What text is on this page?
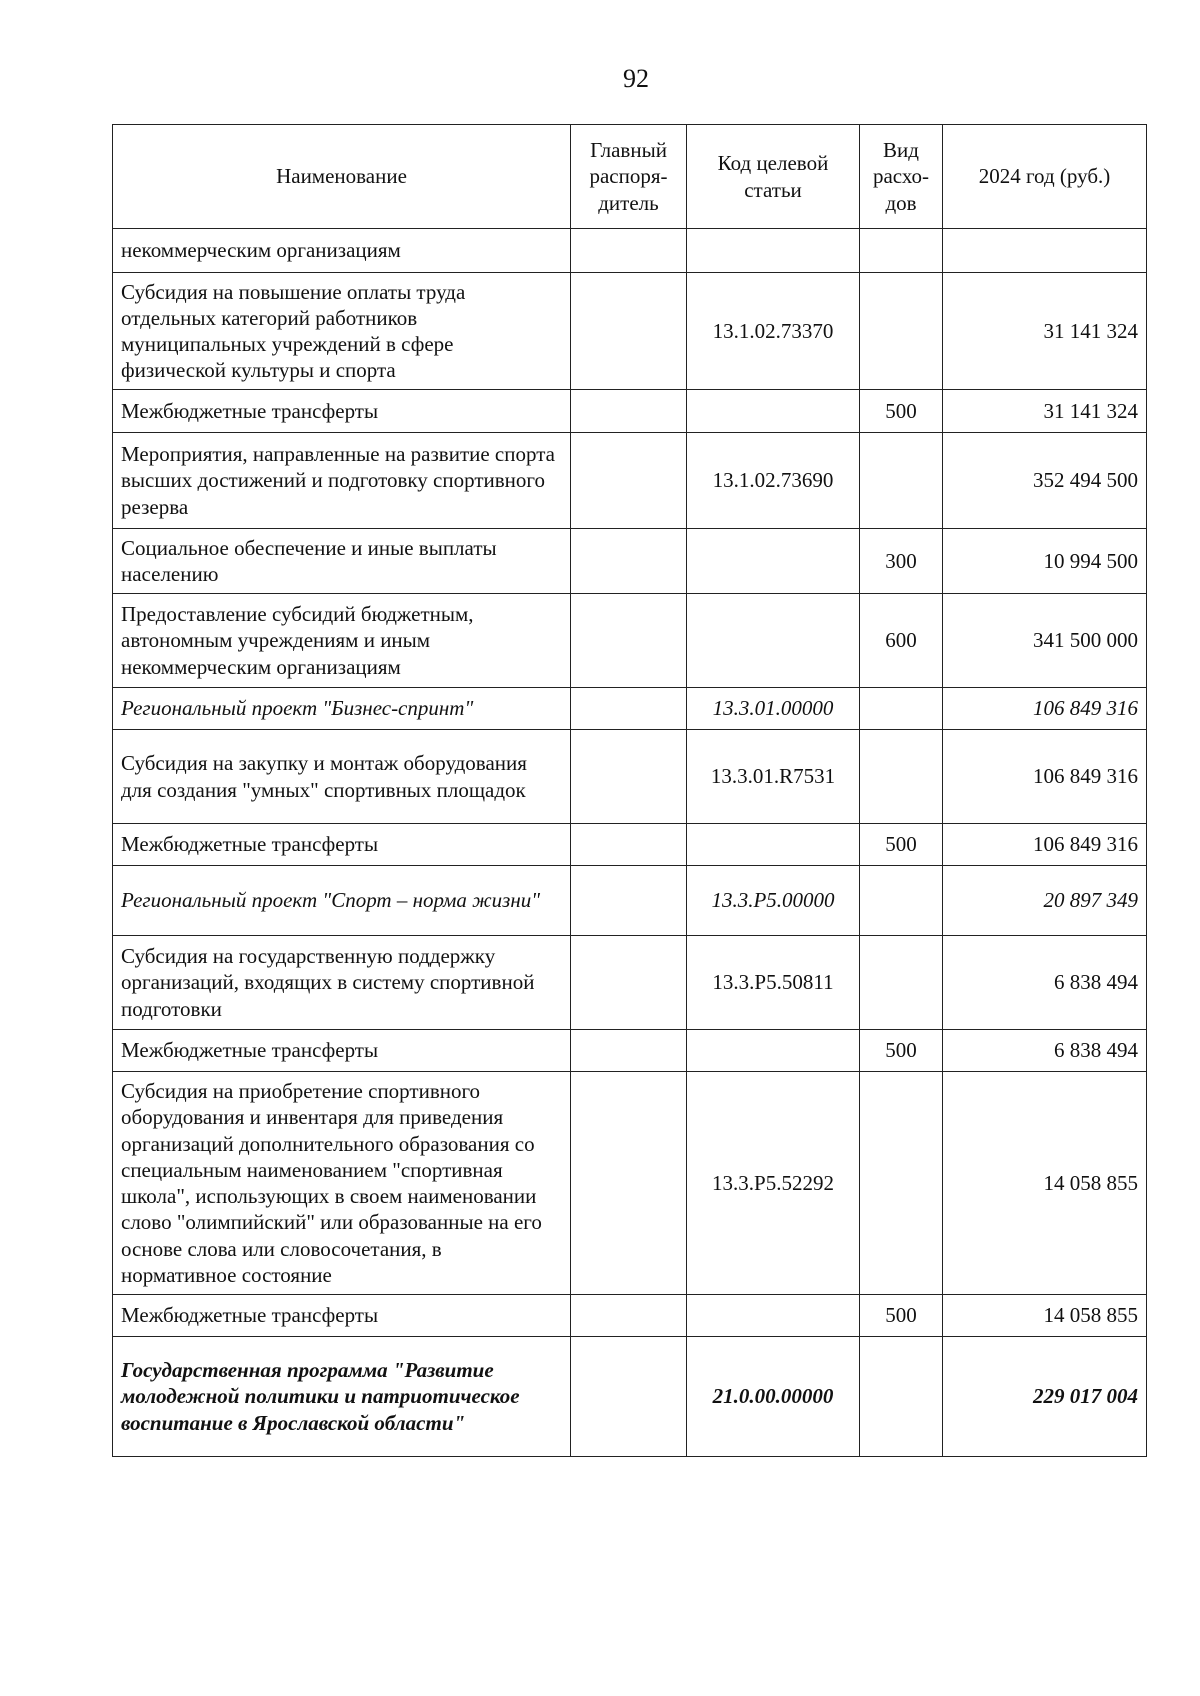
92
Наименование	Главный распоря-дитель	Код целевой статьи	Вид расхо-дов	2024 год (руб.)
некоммерческим организациям				
Субсидия на повышение оплаты труда отдельных категорий работников муниципальных учреждений в сфере физической культуры и спорта		13.1.02.73370		31 141 324
Межбюджетные трансферты			500	31 141 324
Мероприятия, направленные на развитие спорта высших достижений и подготовку спортивного резерва		13.1.02.73690		352 494 500
Социальное обеспечение и иные выплаты населению			300	10 994 500
Предоставление субсидий бюджетным, автономным учреждениям и иным некоммерческим организациям			600	341 500 000
Региональный проект "Бизнес-спринт"		13.3.01.00000		106 849 316
Субсидия на закупку и монтаж оборудования для создания "умных" спортивных площадок		13.3.01.R7531		106 849 316
Межбюджетные трансферты			500	106 849 316
Региональный проект "Спорт – норма жизни"		13.3.P5.00000		20 897 349
Субсидия на государственную поддержку организаций, входящих в систему спортивной подготовки		13.3.P5.50811		6 838 494
Межбюджетные трансферты			500	6 838 494
Субсидия на приобретение спортивного оборудования и инвентаря для приведения организаций дополнительного образования со специальным наименованием "спортивная школа", использующих в своем наименовании слово "олимпийский" или образованные на его основе слова или словосочетания, в нормативное состояние		13.3.P5.52292		14 058 855
Межбюджетные трансферты			500	14 058 855
Государственная программа "Развитие молодежной политики и патриотическое воспитание в Ярославской области"		21.0.00.00000		229 017 004
